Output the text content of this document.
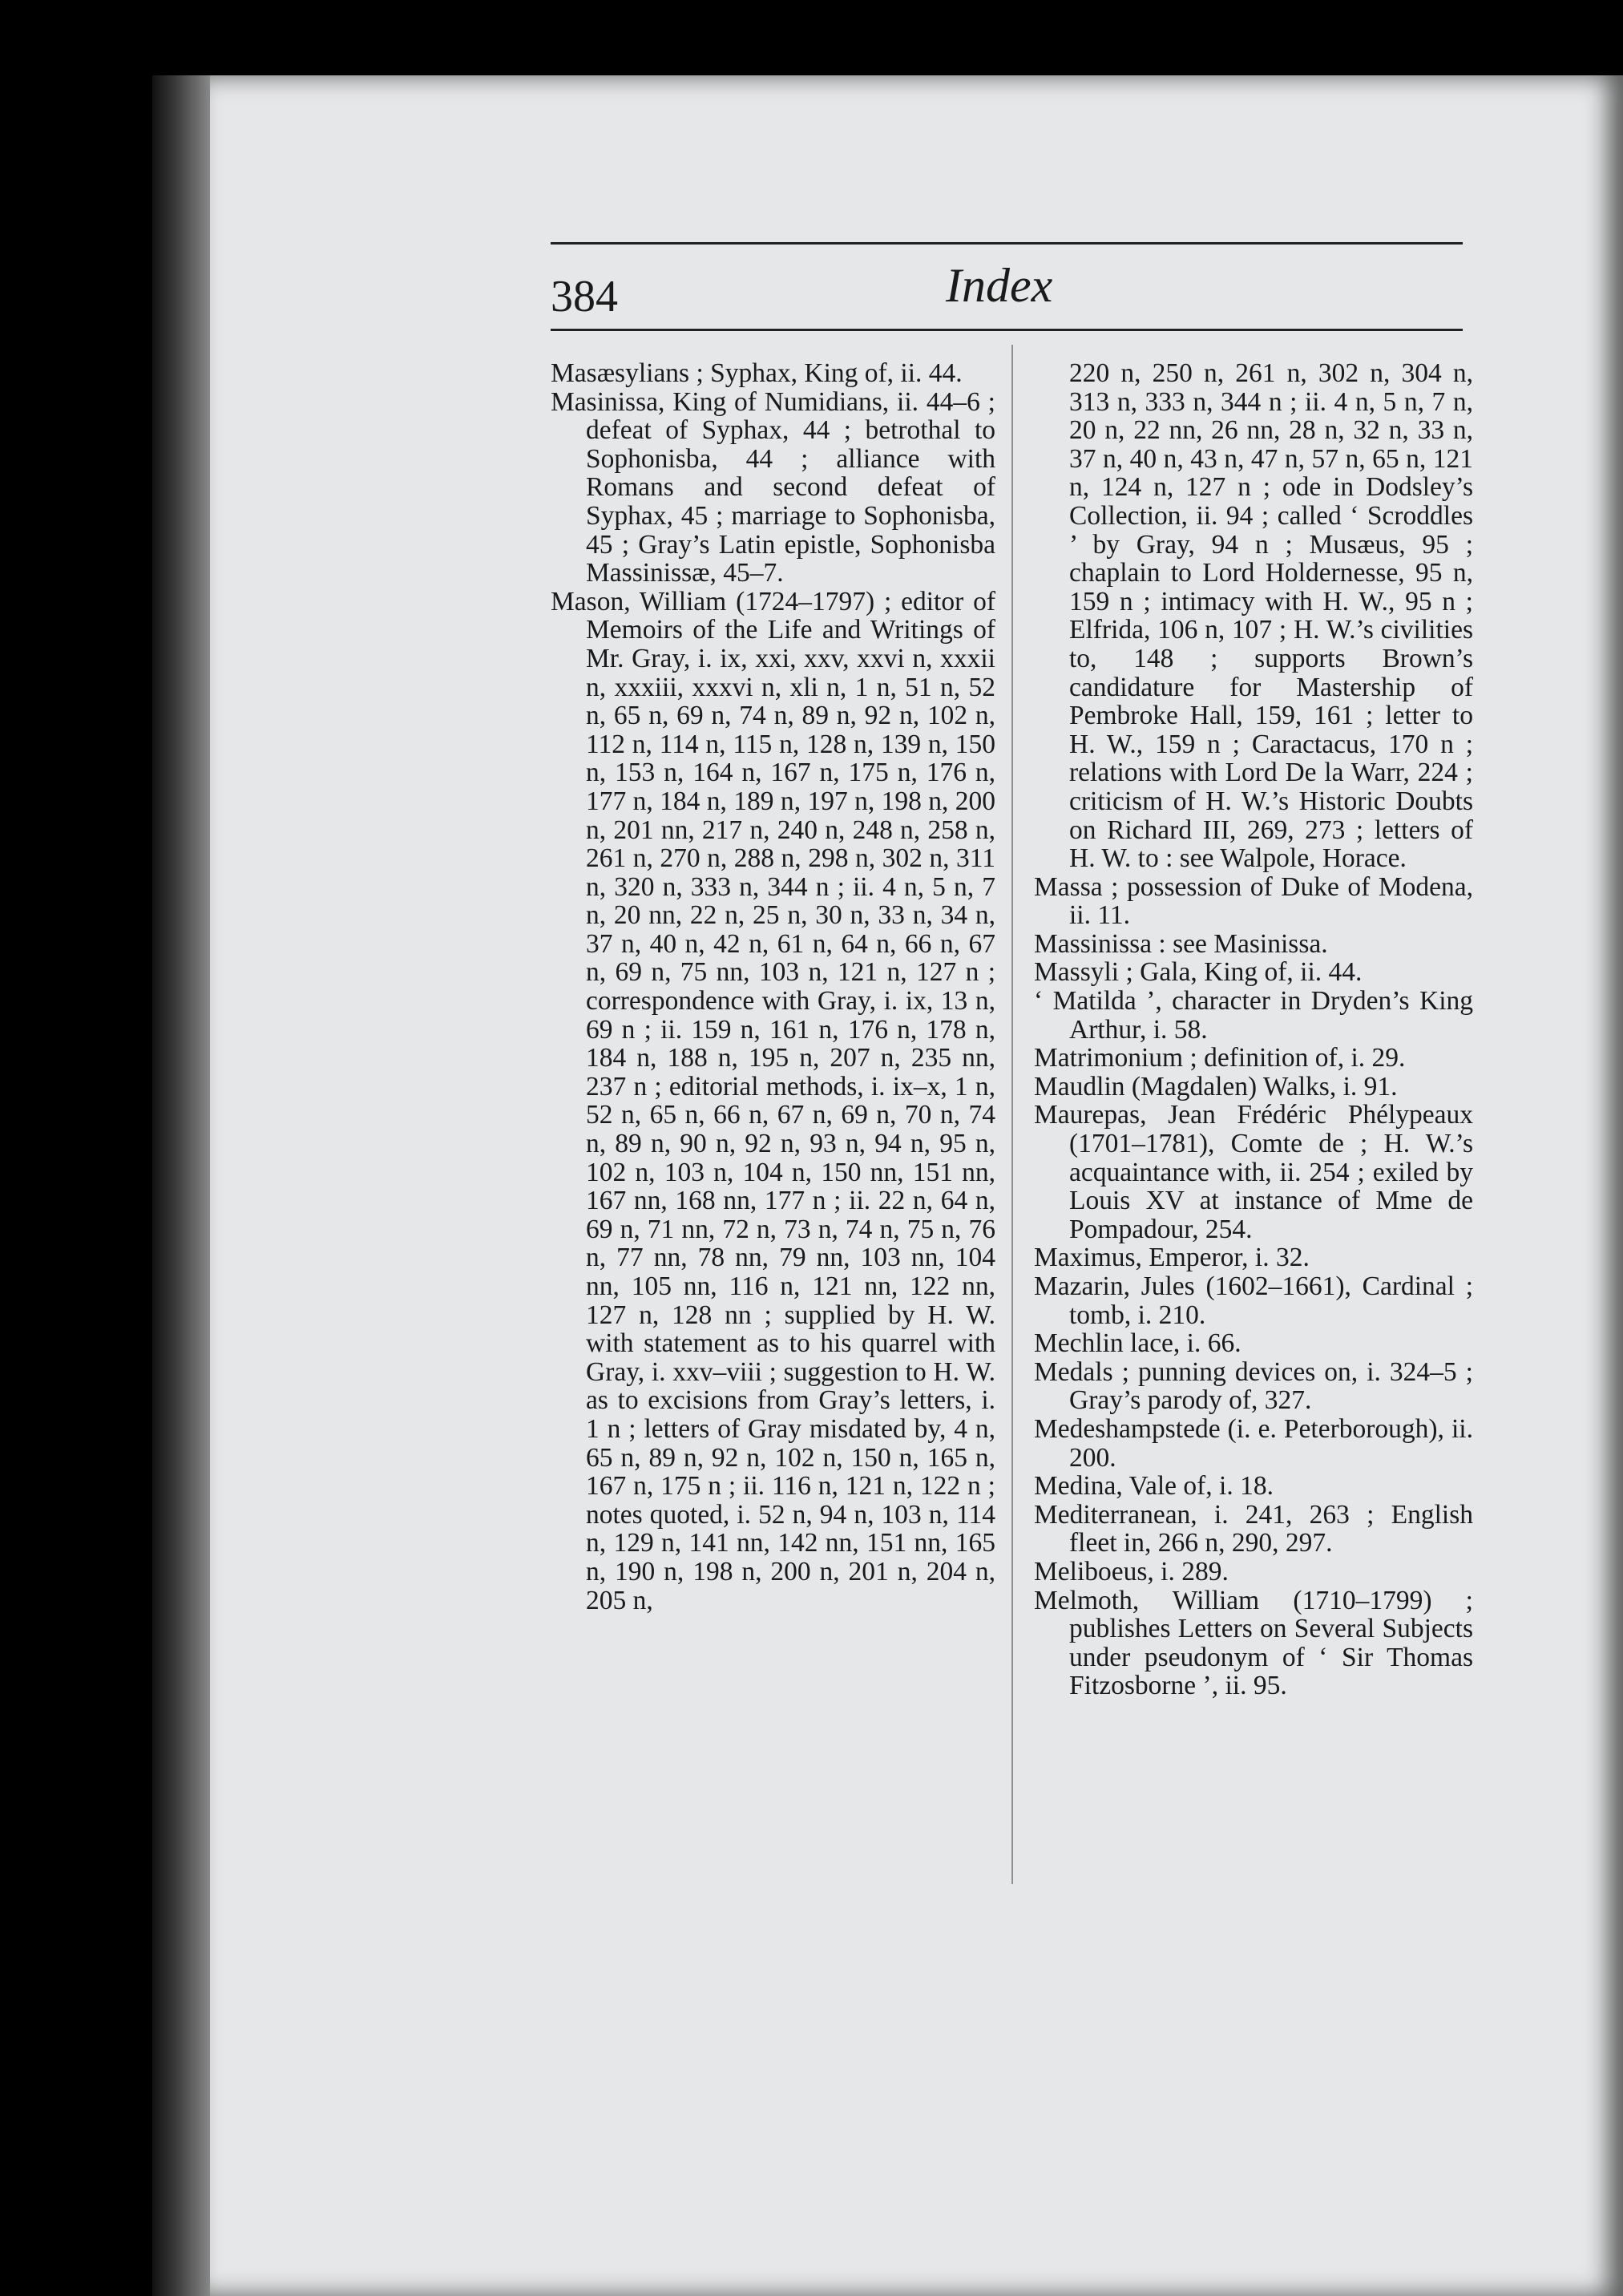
384	Index

Masæsylians ; Syphax, King of, ii. 44.

Masinissa, King of Numidians, ii. 44–6 ; defeat of Syphax, 44 ; betrothal to Sophonisba, 44 ; alliance with Romans and second defeat of Syphax, 45 ; marriage to Sophonisba, 45 ; Gray’s Latin epistle, Sophonisba Massinissæ, 45–7.

Mason, William (1724–1797) ; editor of Memoirs of the Life and Writings of Mr. Gray, i. ix, xxi, xxv, xxvi n, xxxii n, xxxiii, xxxvi n, xli n, 1 n, 51 n, 52 n, 65 n, 69 n, 74 n, 89 n, 92 n, 102 n, 112 n, 114 n, 115 n, 128 n, 139 n, 150 n, 153 n, 164 n, 167 n, 175 n, 176 n, 177 n, 184 n, 189 n, 197 n, 198 n, 200 n, 201 nn, 217 n, 240 n, 248 n, 258 n, 261 n, 270 n, 288 n, 298 n, 302 n, 311 n, 320 n, 333 n, 344 n ; ii. 4 n, 5 n, 7 n, 20 nn, 22 n, 25 n, 30 n, 33 n, 34 n, 37 n, 40 n, 42 n, 61 n, 64 n, 66 n, 67 n, 69 n, 75 nn, 103 n, 121 n, 127 n ; correspondence with Gray, i. ix, 13 n, 69 n ; ii. 159 n, 161 n, 176 n, 178 n, 184 n, 188 n, 195 n, 207 n, 235 nn, 237 n ; editorial methods, i. ix–x, 1 n, 52 n, 65 n, 66 n, 67 n, 69 n, 70 n, 74 n, 89 n, 90 n, 92 n, 93 n, 94 n, 95 n, 102 n, 103 n, 104 n, 150 nn, 151 nn, 167 nn, 168 nn, 177 n ; ii. 22 n, 64 n, 69 n, 71 nn, 72 n, 73 n, 74 n, 75 n, 76 n, 77 nn, 78 nn, 79 nn, 103 nn, 104 nn, 105 nn, 116 n, 121 nn, 122 nn, 127 n, 128 nn ; supplied by H. W. with statement as to his quarrel with Gray, i. xxv–viii ; suggestion to H. W. as to excisions from Gray’s letters, i. 1 n ; letters of Gray misdated by, 4 n, 65 n, 89 n, 92 n, 102 n, 150 n, 165 n, 167 n, 175 n ; ii. 116 n, 121 n, 122 n ; notes quoted, i. 52 n, 94 n, 103 n, 114 n, 129 n, 141 nn, 142 nn, 151 nn, 165 n, 190 n, 198 n, 200 n, 201 n, 204 n, 205 n,

220 n, 250 n, 261 n, 302 n, 304 n, 313 n, 333 n, 344 n ; ii. 4 n, 5 n, 7 n, 20 n, 22 nn, 26 nn, 28 n, 32 n, 33 n, 37 n, 40 n, 43 n, 47 n, 57 n, 65 n, 121 n, 124 n, 127 n ; ode in Dodsley’s Collection, ii. 94 ; called ‘ Scroddles ’ by Gray, 94 n ; Musæus, 95 ; chaplain to Lord Holdernesse, 95 n, 159 n ; intimacy with H. W., 95 n ; Elfrida, 106 n, 107 ; H. W.’s civilities to, 148 ; supports Brown’s candidature for Mastership of Pembroke Hall, 159, 161 ; letter to H. W., 159 n ; Caractacus, 170 n ; relations with Lord De la Warr, 224 ; criticism of H. W.’s Historic Doubts on Richard III, 269, 273 ; letters of H. W. to : see Walpole, Horace.

Massa ; possession of Duke of Modena, ii. 11.

Massinissa : see Masinissa.

Massyli ; Gala, King of, ii. 44.

‘ Matilda ’, character in Dryden’s King Arthur, i. 58.

Matrimonium ; definition of, i. 29.

Maudlin (Magdalen) Walks, i. 91.

Maurepas, Jean Frédéric Phélypeaux (1701–1781), Comte de ; H. W.’s acquaintance with, ii. 254 ; exiled by Louis XV at instance of Mme de Pompadour, 254.

Maximus, Emperor, i. 32.

Mazarin, Jules (1602–1661), Cardinal ; tomb, i. 210.

Mechlin lace, i. 66.

Medals ; punning devices on, i. 324–5 ; Gray’s parody of, 327.

Medeshampstede (i. e. Peterborough), ii. 200.

Medina, Vale of, i. 18.

Mediterranean, i. 241, 263 ; English fleet in, 266 n, 290, 297.

Meliboeus, i. 289.

Melmoth, William (1710–1799) ; publishes Letters on Several Subjects under pseudonym of ‘ Sir Thomas Fitzosborne ’, ii. 95.
